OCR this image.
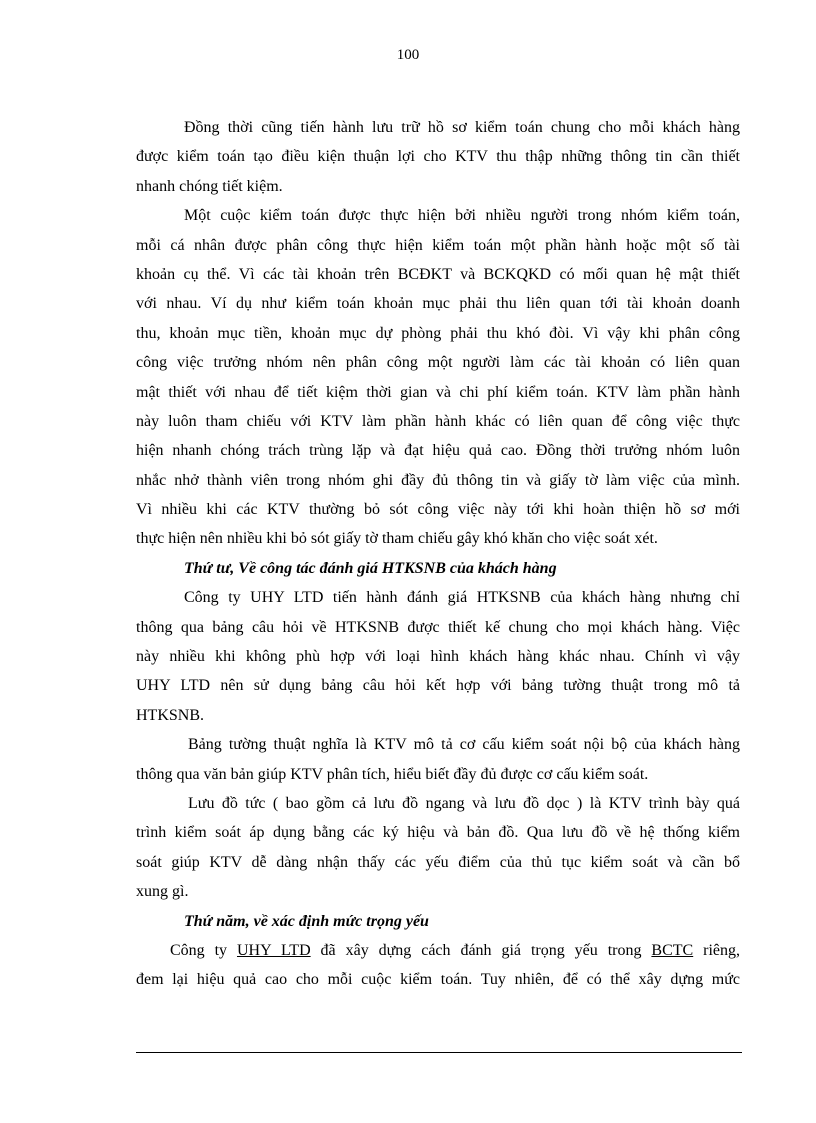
100
Đồng thời cũng tiến hành lưu trữ hồ sơ kiểm toán chung cho mỗi khách hàng
được kiểm toán tạo điều kiện thuận lợi cho KTV thu thập những thông tin cần thiết
nhanh chóng tiết kiệm.
Một cuộc kiểm toán được thực hiện bởi nhiều người trong nhóm kiểm toán,
mỗi cá nhân được phân công thực hiện kiểm toán một phần hành hoặc một số tài
khoản cụ thể. Vì các tài khoản trên BCĐKT và BCKQKD có mối quan hệ mật thiết
với nhau. Ví dụ như kiểm toán khoản mục phải thu liên quan tới tài khoản doanh
thu, khoản mục tiền, khoản mục dự phòng phải thu khó đòi. Vì vậy khi phân công
công việc trưởng nhóm nên phân công một người làm các tài khoản có liên quan
mật thiết với nhau để tiết kiệm thời gian và chi phí kiểm toán. KTV làm phần hành
này luôn tham chiếu với KTV làm phần hành khác có liên quan để công việc thực
hiện nhanh chóng trách trùng lặp và đạt hiệu quả cao. Đồng thời trưởng nhóm luôn
nhắc nhở thành viên trong nhóm ghi đầy đủ thông tin và giấy tờ làm việc của mình.
Vì nhiều khi các KTV thường bỏ sót công việc này tới khi hoàn thiện hồ sơ mới
thực hiện nên nhiều khi bỏ sót giấy tờ tham chiếu gây khó khăn cho việc soát xét.
Thứ tư, Về công tác đánh giá HTKSNB của khách hàng
Công ty UHY LTD tiến hành đánh giá HTKSNB của khách hàng nhưng chỉ
thông qua bảng câu hỏi về HTKSNB được thiết kế chung cho mọi khách hàng. Việc
này nhiều khi không phù hợp với loại hình khách hàng khác nhau. Chính vì vậy
UHY LTD nên sử dụng bảng câu hỏi kết hợp với bảng tường thuật trong mô tả
HTKSNB.
Bảng tường thuật nghĩa là KTV mô tả cơ cấu kiểm soát nội bộ của khách hàng
thông qua văn bản giúp KTV phân tích, hiểu biết đầy đủ được cơ cấu kiểm soát.
Lưu đồ tức ( bao gồm cả lưu đồ ngang và lưu đồ dọc ) là KTV trình bày quá
trình kiểm soát áp dụng bằng các ký hiệu và bản đồ. Qua lưu đồ về hệ thống kiểm
soát giúp KTV dễ dàng nhận thấy các yếu điểm của thủ tục kiểm soát và cần bổ
xung gì.
Thứ năm, về xác định mức trọng yếu
Công ty UHY LTD đã xây dựng cách đánh giá trọng yếu trong BCTC riêng,
đem lại hiệu quả cao cho mỗi cuộc kiểm toán. Tuy nhiên, để có thể xây dựng mức
